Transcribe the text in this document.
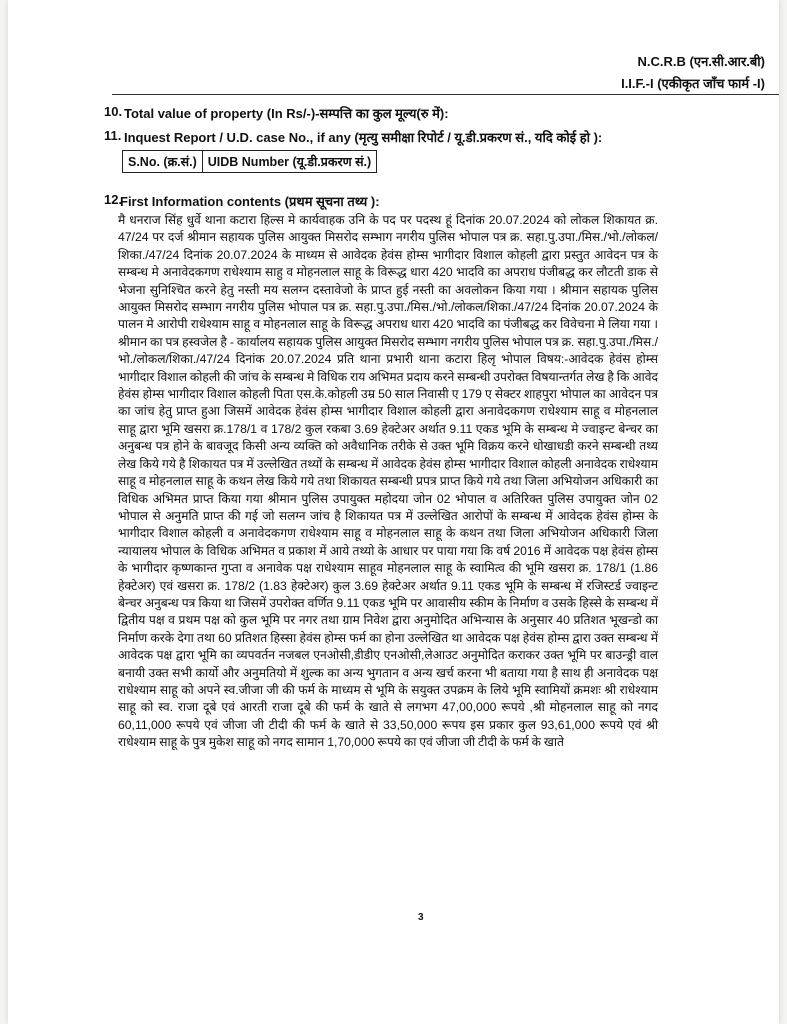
N.C.R.B (एन.सी.आर.बी)
I.I.F.-I (एकीकृत जाँच फार्म -I)
10. Total value of property (In Rs/-)-सम्पत्ति का कुल मूल्य(रु में):
11. Inquest Report / U.D. case No., if any (मृत्यु समीक्षा रिपोर्ट / यू.डी.प्रकरण सं., यदि कोई हो ):
S.No. (क्र.सं.)	UIDB Number (यू.डी.प्रकरण सं.)
12.
First Information contents (प्रथम सूचना तथ्य ):
मै धनराज सिंह धुर्वे थाना कटारा हिल्स मे कार्यवाहक उनि के पद पर पदस्थ हूं दिनांक 20.07.2024 को लोकल शिकायत क्र. 47/24 पर दर्ज श्रीमान सहायक पुलिस आयुक्त मिसरोद सम्भाग नगरीय पुलिस भोपाल पत्र क्र. सहा.पु.उपा./मिस./भो./लोकल/शिका./47/24 दिनांक 20.07.2024 के माध्यम से आवेदक हेवंस होम्स भागीदार विशाल कोहली द्वारा प्रस्तुत आवेदन पत्र के सम्बन्ध मे अनावेदकगण राधेश्याम साहु व मोहनलाल साहू के विरूद्ध धारा 420 भादवि का अपराध पंजीबद्ध कर लौटती डाक से भेजना सुनिश्चित करने हेतु नस्ती मय सलग्न दस्तावेजो के प्राप्त हुई नस्ती का अवलोकन किया गया । श्रीमान सहायक पुलिस आयुक्त मिसरोद सम्भाग नगरीय पुलिस भोपाल पत्र क्र. सहा.पु.उपा./मिस./भो./लोकल/शिका./47/24 दिनांक 20.07.2024 के पालन मे आरोपी राधेश्याम साहू व मोहनलाल साहू के विरूद्ध अपराध धारा 420 भादवि का पंजीबद्ध कर विवेचना मे लिया गया । श्रीमान का पत्र हस्वजेल है - कार्यालय सहायक पुलिस आयुक्त मिसरोद सम्भाग नगरीय पुलिस भोपाल पत्र क्र. सहा.पु.उपा./मिस./भो./लोकल/शिका./47/24 दिनांक 20.07.2024 प्रति थाना प्रभारी थाना कटारा हिलृ भोपाल विषय:-आवेदक हेवंस होम्स भागीदार विशाल कोहली की जांच के सम्बन्ध मे विधिक राय अभिमत प्रदाय करने सम्बन्धी उपरोक्त विषयान्तर्गत लेख है कि आवेद हेवंस होम्स भागीदार विशाल कोहली पिता एस.के.कोहली उम्र 50 साल निवासी ए 179 ए सेक्टर शाहपुरा भोपाल का आवेदन पत्र का जांच हेतु प्राप्त हुआ जिसमें आवेदक हेवंस होम्स भागीदार विशाल कोहली द्वारा अनावेदकगण राधेश्याम साहू व मोहनलाल साहू द्वारा भूमि खसरा क्र.178/1 व 178/2 कुल रकबा 3.69 हेक्टेअर अर्थात 9.11 एकड भूमि के सम्बन्ध मे ज्वाइन्ट बेन्चर का अनुबन्ध पत्र होने के बावजूद किसी अन्य व्यक्ति को अवैधानिक तरीके से उक्त भूमि विक्रय करने धोखाधडी करने सम्बन्धी तथ्य लेख किये गये है शिकायत पत्र में उल्लेखित तथ्यों के सम्बन्ध में आवेदक हेवंस होम्स भागीदार विशाल कोहली अनावेदक राधेश्याम साहू व मोहनलाल साहू के कथन लेख किये गये तथा शिकायत सम्बन्धी प्रपत्र प्राप्त किये गये तथा जिला अभियोजन अधिकारी का विधिक अभिमत प्राप्त किया गया श्रीमान पुलिस उपायुक्त महोदया जोन 02 भोपाल व अतिरिक्त पुलिस उपायुक्त जोन 02 भोपाल से अनुमति प्राप्त की गई जो सलग्न जांच है शिकायत पत्र में उल्लेखित आरोपों के सम्बन्ध में आवेदक हेवंस होम्स के भागीदार विशाल कोहली व अनावेदकगण राधेश्याम साहू व मोहनलाल साहू के कथन तथा जिला अभियोजन अधिकारी जिला न्यायालय भोपाल के विधिक अभिमत व प्रकाश में आये तथ्यो के आधार पर पाया गया कि वर्ष 2016 में आवेदक पक्ष हेवंस होम्स के भागीदार कृष्णकान्त गुप्ता व अनावेक पक्ष राधेश्याम साहूव मोहनलाल साहू के स्वामित्व की भूमि खसरा क्र. 178/1 (1.86 हेक्टेअर) एवं खसरा क्र. 178/2 (1.83 हेक्टेअर) कुल 3.69 हेक्टेअर अर्थात 9.11 एकड भूमि के सम्बन्ध में रजिस्टर्ड ज्वाइन्ट बेन्चर अनुबन्ध पत्र किया था जिसमें उपरोक्त वर्णित 9.11 एकड भूमि पर आवासीय स्कीम के निर्माण व उसके हिस्से के सम्बन्ध में द्वितीय पक्ष व प्रथम पक्ष को कुल भूमि पर नगर तथा ग्राम निवेश द्वारा अनुमोदित अभिन्यास के अनुसार 40 प्रतिशत भूखन्डो का निर्माण करके देगा तथा 60 प्रतिशत हिस्सा हेवंस होम्स फर्म का होना उल्लेखित था आवेदक पक्ष हेवंस होम्स द्वारा उक्त सम्बन्ध में आवेदक पक्ष द्वारा भूमि का व्यपवर्तन नजबल एनओसी,डीडीए एनओसी,लेआउट अनुमोदित कराकर उक्त भूमि पर बाउन्ड्री वाल बनायी उक्त सभी कार्यो और अनुमतियो में शुल्क का अन्य भुगतान व अन्य खर्च करना भी बताया गया है साथ ही अनावेदक पक्ष राधेश्याम साहू को अपने स्व.जीजा जी की फर्म के माध्यम से भूमि के सयुक्त उपक्रम के लिये भूमि स्वामियों क्रमशः श्री राधेश्याम साहू को स्व. राजा दूबे एवं आरती राजा दूबे की फर्म के खाते से लगभग 47,00,000 रूपये ,श्री मोहनलाल साहू को नगद 60,11,000 रूपये एवं जीजा जी टीदी की फर्म के खाते से 33,50,000 रूपय इस प्रकार कुल 93,61,000 रूपये एवं श्री राधेश्याम साहू के पुत्र मुकेश साहू को नगद सामान 1,70,000 रूपये का एवं जीजा जी टीदी के फर्म के खाते
3
